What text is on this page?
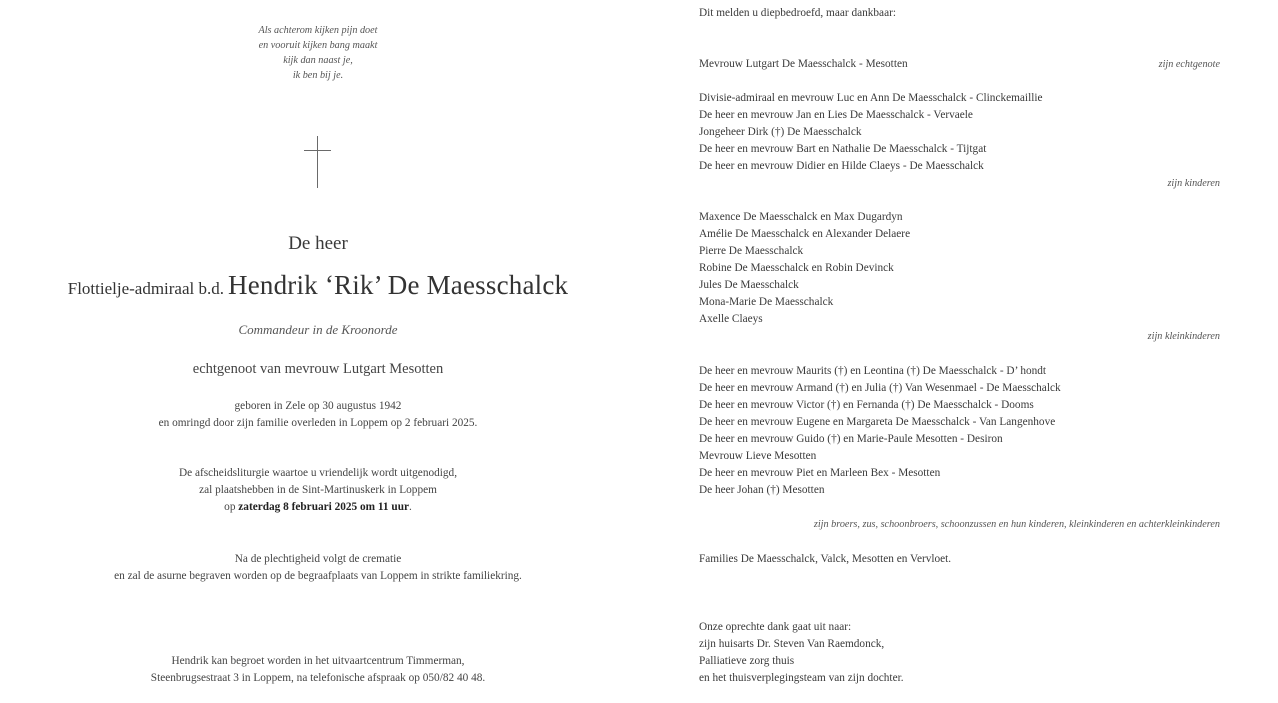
Als achterom kijken pijn doet
en vooruit kijken bang maakt
kijk dan naast je,
ik ben bij je.
De heer
Flottielje-admiraal b.d. Hendrik ‘Rik’ De Maesschalck
Commandeur in de Kroonorde
echtgenoot van mevrouw Lutgart Mesotten
geboren in Zele op 30 augustus 1942
en omringd door zijn familie overleden in Loppem op 2 februari 2025.
De afscheidsliturgie waartoe u vriendelijk wordt uitgenodigd,
zal plaatshebben in de Sint-Martinuskerk in Loppem
op zaterdag 8 februari 2025 om 11 uur.
Na de plechtigheid volgt de crematie
en zal de asurne begraven worden op de begraafplaats van Loppem in strikte familiekring.
Hendrik kan begroet worden in het uitvaartcentrum Timmerman,
Steenbrugsestraat 3 in Loppem, na telefonische afspraak op 050/82 40 48.
Dit melden u diepbedroefd, maar dankbaar:
Mevrouw Lutgart De Maesschalck - Mesotten	zijn echtgenote
Divisie-admiraal en mevrouw Luc en Ann De Maesschalck - Clinckemaillie
De heer en mevrouw Jan en Lies De Maesschalck - Vervaele
Jongeheer Dirk (†) De Maesschalck
De heer en mevrouw Bart en Nathalie De Maesschalck - Tijtgat
De heer en mevrouw Didier en Hilde Claeys - De Maesschalck
zijn kinderen
Maxence De Maesschalck en Max Dugardyn
Amélie De Maesschalck en Alexander Delaere
Pierre De Maesschalck
Robine De Maesschalck en Robin Devinck
Jules De Maesschalck
Mona-Marie De Maesschalck
Axelle Claeys
zijn kleinkinderen
De heer en mevrouw Maurits (†) en Leontina (†) De Maesschalck - D’ hondt
De heer en mevrouw Armand (†) en Julia (†) Van Wesenmael - De Maesschalck
De heer en mevrouw Victor (†) en Fernanda (†) De Maesschalck - Dooms
De heer en mevrouw Eugene en Margareta De Maesschalck - Van Langenhove
De heer en mevrouw Guido (†) en Marie-Paule Mesotten - Desiron
Mevrouw Lieve Mesotten
De heer en mevrouw Piet en Marleen Bex - Mesotten
De heer Johan (†) Mesotten
zijn broers, zus, schoonbroers, schoonzussen en hun kinderen, kleinkinderen en achterkleinkinderen
Families De Maesschalck, Valck, Mesotten en Vervloet.
Onze oprechte dank gaat uit naar:
zijn huisarts Dr. Steven Van Raemdonck,
Palliatieve zorg thuis
en het thuisverplegingsteam van zijn dochter.
